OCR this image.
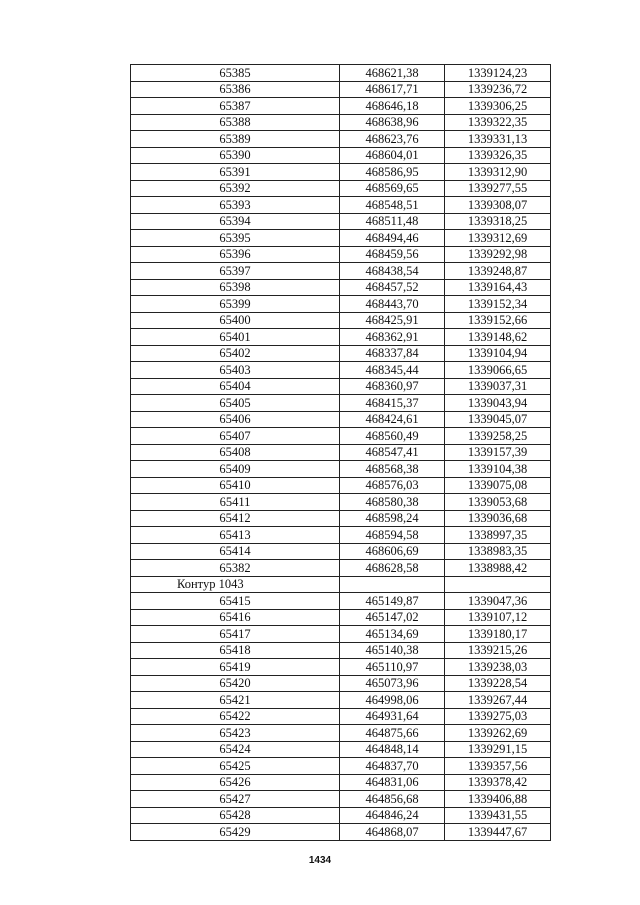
65385	468621,38	1339124,23
65386	468617,71	1339236,72
65387	468646,18	1339306,25
65388	468638,96	1339322,35
65389	468623,76	1339331,13
65390	468604,01	1339326,35
65391	468586,95	1339312,90
65392	468569,65	1339277,55
65393	468548,51	1339308,07
65394	468511,48	1339318,25
65395	468494,46	1339312,69
65396	468459,56	1339292,98
65397	468438,54	1339248,87
65398	468457,52	1339164,43
65399	468443,70	1339152,34
65400	468425,91	1339152,66
65401	468362,91	1339148,62
65402	468337,84	1339104,94
65403	468345,44	1339066,65
65404	468360,97	1339037,31
65405	468415,37	1339043,94
65406	468424,61	1339045,07
65407	468560,49	1339258,25
65408	468547,41	1339157,39
65409	468568,38	1339104,38
65410	468576,03	1339075,08
65411	468580,38	1339053,68
65412	468598,24	1339036,68
65413	468594,58	1338997,35
65414	468606,69	1338983,35
65382	468628,58	1338988,42
Контур 1043		
65415	465149,87	1339047,36
65416	465147,02	1339107,12
65417	465134,69	1339180,17
65418	465140,38	1339215,26
65419	465110,97	1339238,03
65420	465073,96	1339228,54
65421	464998,06	1339267,44
65422	464931,64	1339275,03
65423	464875,66	1339262,69
65424	464848,14	1339291,15
65425	464837,70	1339357,56
65426	464831,06	1339378,42
65427	464856,68	1339406,88
65428	464846,24	1339431,55
65429	464868,07	1339447,67
1434
